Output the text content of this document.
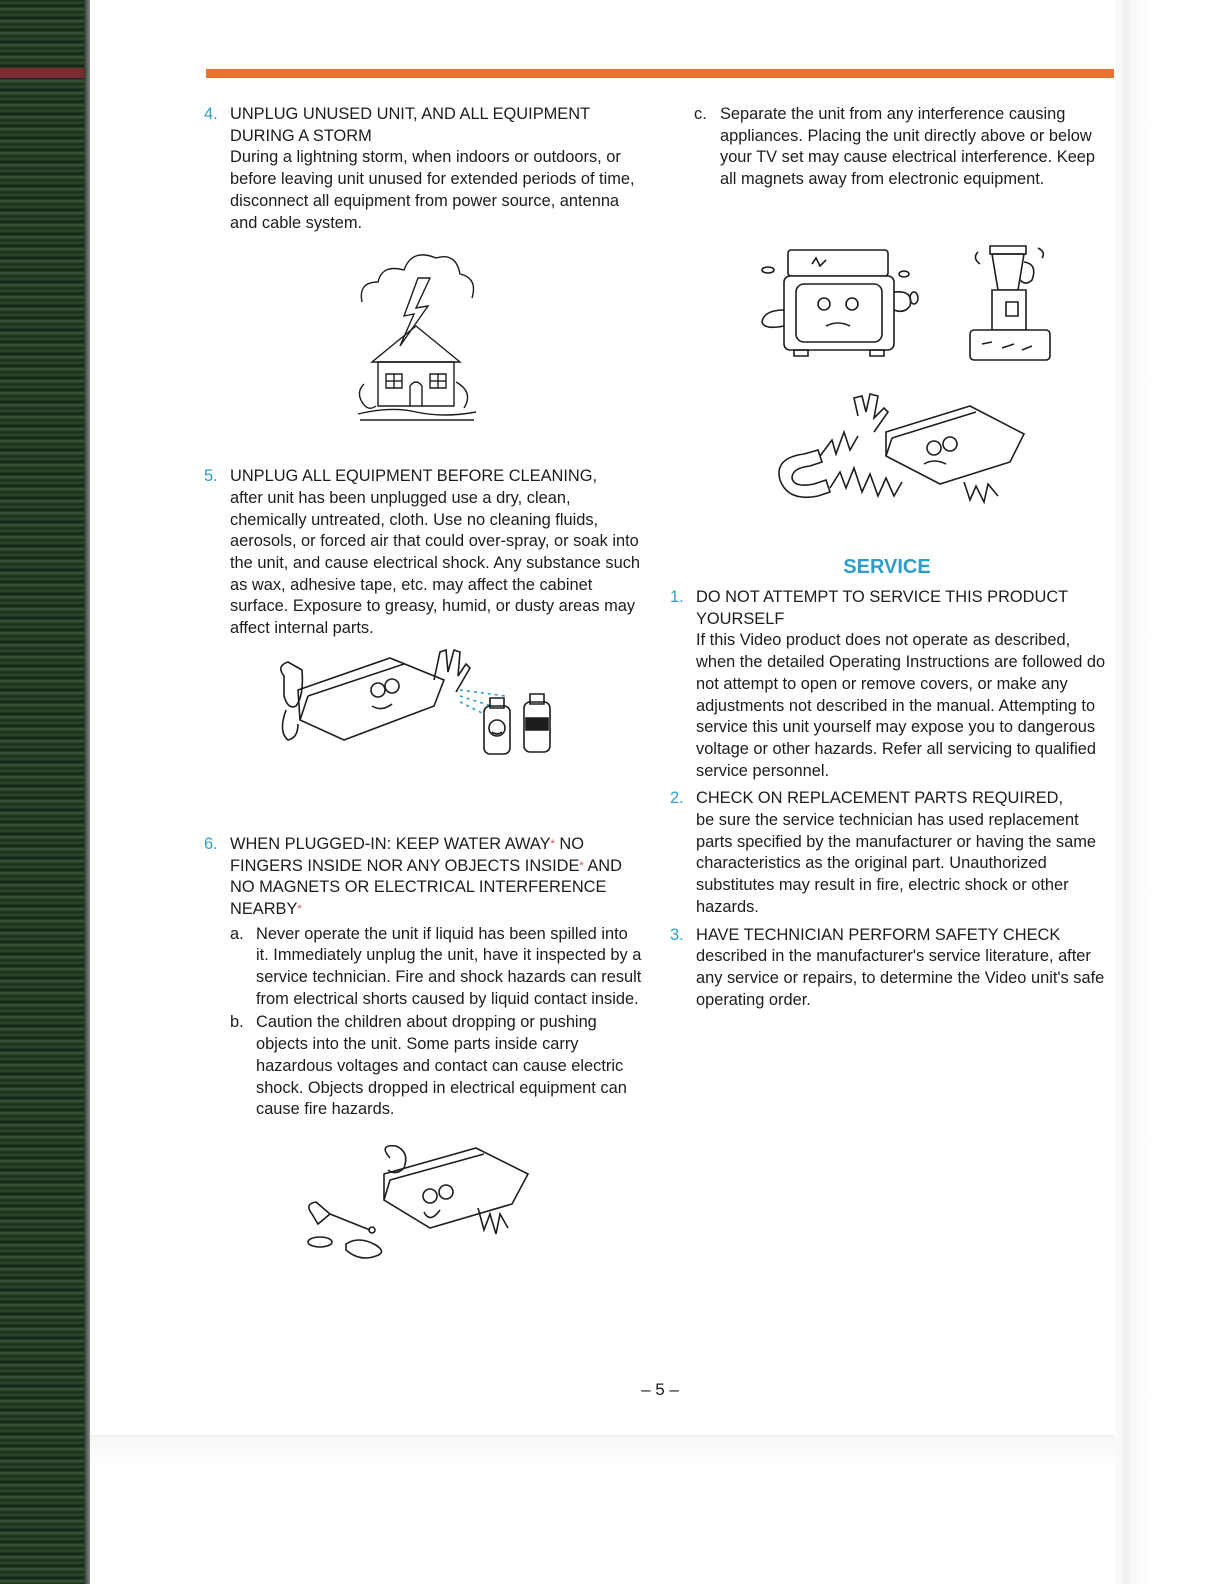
4. UNPLUG UNUSED UNIT, AND ALL EQUIPMENT
DURING A STORM
During a lightning storm, when indoors or outdoors, or before leaving unit unused for extended periods of time, disconnect all equipment from power source, antenna and cable system.
5. UNPLUG ALL EQUIPMENT BEFORE CLEANING,
after unit has been unplugged use a dry, clean, chemically untreated, cloth. Use no cleaning fluids, aerosols, or forced air that could over-spray, or soak into the unit, and cause electrical shock. Any substance such as wax, adhesive tape, etc. may affect the cabinet surface. Exposure to greasy, humid, or dusty areas may affect internal parts.
6. WHEN PLUGGED-IN: KEEP WATER AWAY* NO FINGERS INSIDE NOR ANY OBJECTS INSIDE* AND NO MAGNETS OR ELECTRICAL INTERFERENCE NEARBY*
a. Never operate the unit if liquid has been spilled into it. Immediately unplug the unit, have it inspected by a service technician. Fire and shock hazards can result from electrical shorts caused by liquid contact inside.
b. Caution the children about dropping or pushing objects into the unit. Some parts inside carry hazardous voltages and contact can cause electric shock. Objects dropped in electrical equipment can cause fire hazards.
c. Separate the unit from any interference causing appliances. Placing the unit directly above or below your TV set may cause electrical interference. Keep all magnets away from electronic equipment.
SERVICE
1. DO NOT ATTEMPT TO SERVICE THIS PRODUCT YOURSELF
If this Video product does not operate as described, when the detailed Operating Instructions are followed do not attempt to open or remove covers, or make any adjustments not described in the manual. Attempting to service this unit yourself may expose you to dangerous voltage or other hazards. Refer all servicing to qualified service personnel.
2. CHECK ON REPLACEMENT PARTS REQUIRED,
be sure the service technician has used replacement parts specified by the manufacturer or having the same characteristics as the original part. Unauthorized substitutes may result in fire, electric shock or other hazards.
3. HAVE TECHNICIAN PERFORM SAFETY CHECK
described in the manufacturer's service literature, after any service or repairs, to determine the Video unit's safe operating order.
– 5 –
